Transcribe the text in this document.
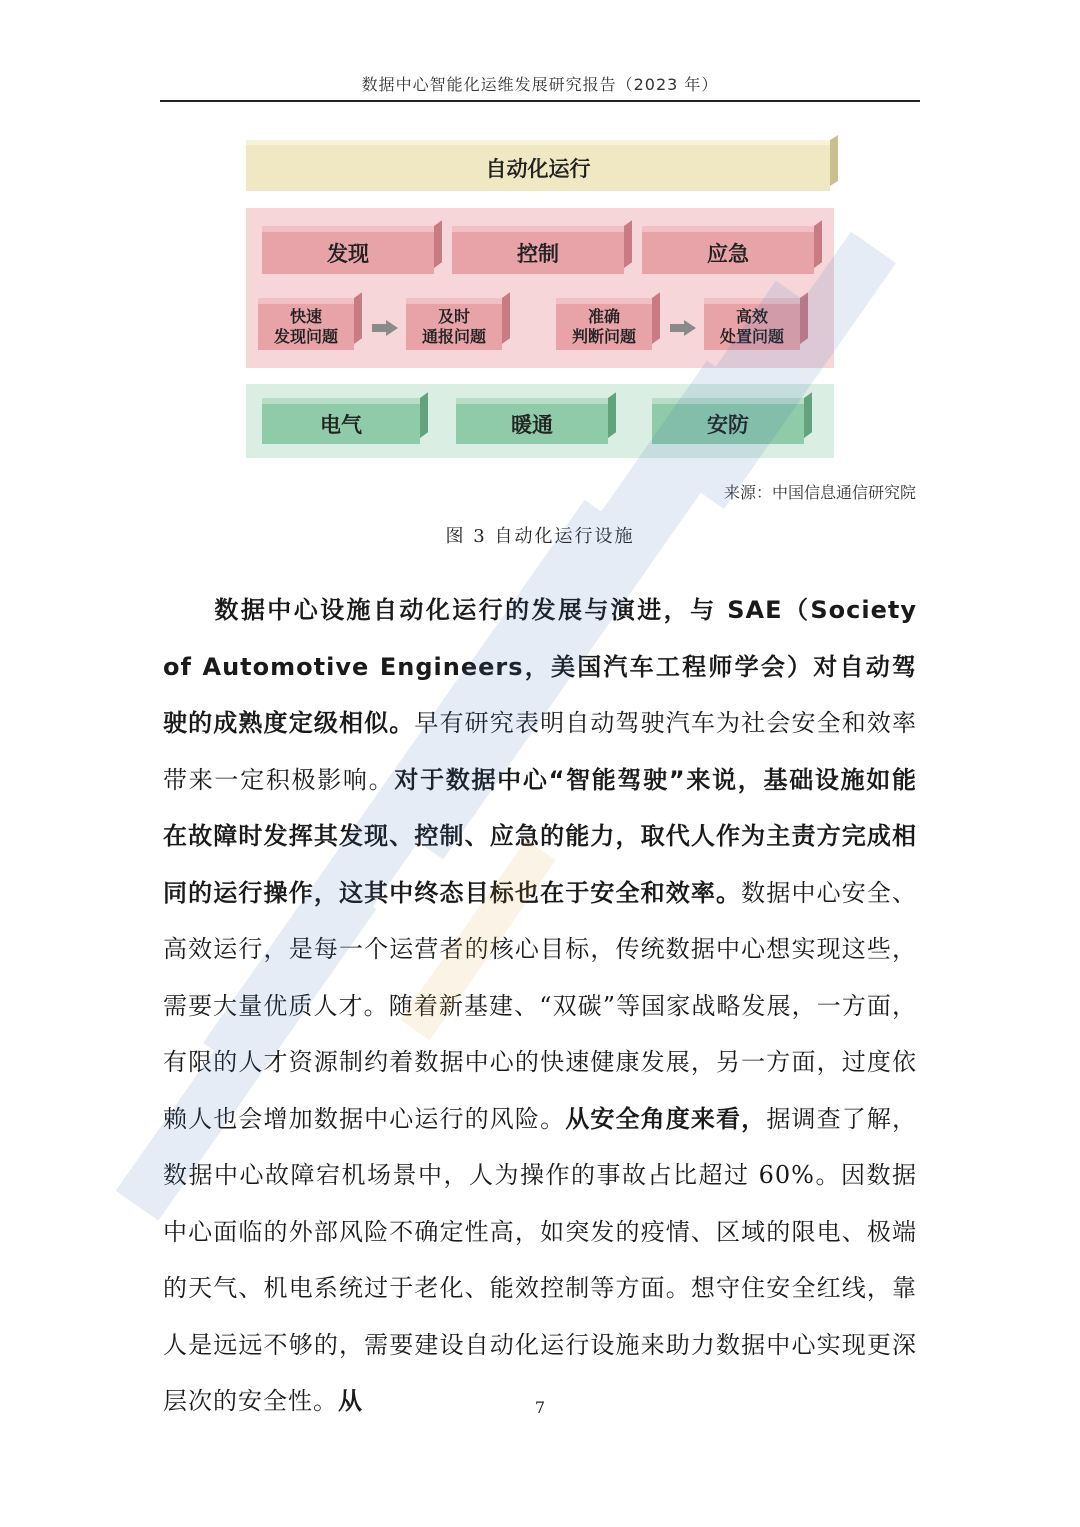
数据中心智能化运维发展研究报告（2023 年）
自动化运行
发现	控制	应急
快速
发现问题
及时
通报问题
准确
判断问题
高效
处置问题
电气	暖通	安防
来源：中国信息通信研究院
图 3 自动化运行设施

数据中心设施自动化运行的发展与演进，与 SAE（Society of Automotive Engineers，美国汽车工程师学会）对自动驾驶的成熟度定级相似。早有研究表明自动驾驶汽车为社会安全和效率带来一定积极影响。对于数据中心“智能驾驶”来说，基础设施如能在故障时发挥其发现、控制、应急的能力，取代人作为主责方完成相同的运行操作，这其中终态目标也在于安全和效率。数据中心安全、高效运行，是每一个运营者的核心目标，传统数据中心想实现这些，需要大量优质人才。随着新基建、“双碳”等国家战略发展，一方面，有限的人才资源制约着数据中心的快速健康发展，另一方面，过度依赖人也会增加数据中心运行的风险。从安全角度来看，据调查了解，数据中心故障宕机场景中，人为操作的事故占比超过 60%。因数据中心面临的外部风险不确定性高，如突发的疫情、区域的限电、极端的天气、机电系统过于老化、能效控制等方面。想守住安全红线，靠人是远远不够的，需要建设自动化运行设施来助力数据中心实现更深层次的安全性。从	7
